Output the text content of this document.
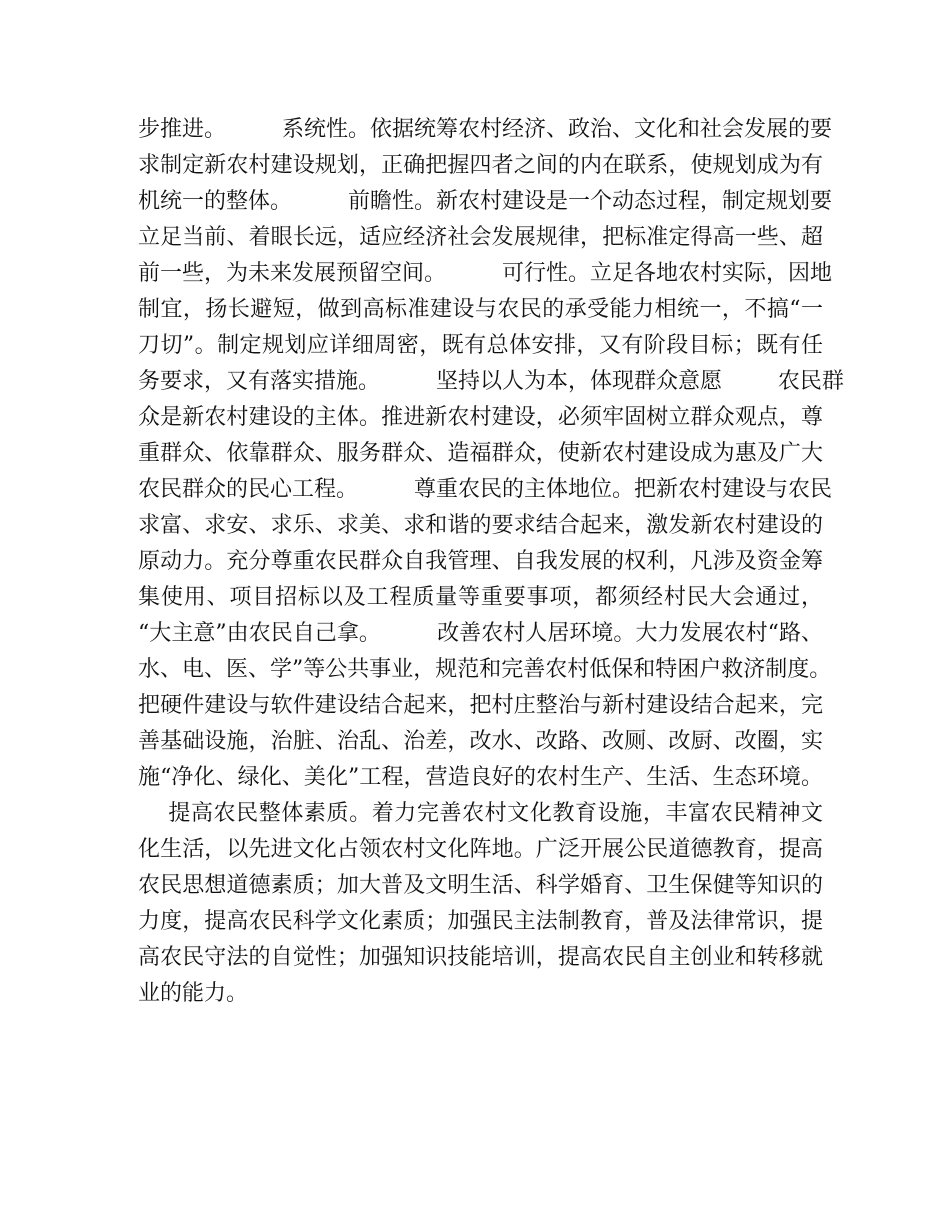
步推进。        系统性。依据统筹农村经济、政治、文化和社会发展的要
求制定新农村建设规划，正确把握四者之间的内在联系，使规划成为有
机统一的整体。        前瞻性。新农村建设是一个动态过程，制定规划要
立足当前、着眼长远，适应经济社会发展规律，把标准定得高一些、超
前一些，为未来发展预留空间。        可行性。立足各地农村实际，因地
制宜，扬长避短，做到高标准建设与农民的承受能力相统一，不搞“一
刀切”。制定规划应详细周密，既有总体安排，又有阶段目标；既有任
务要求，又有落实措施。        坚持以人为本，体现群众意愿        农民群
众是新农村建设的主体。推进新农村建设，必须牢固树立群众观点，尊
重群众、依靠群众、服务群众、造福群众，使新农村建设成为惠及广大
农民群众的民心工程。        尊重农民的主体地位。把新农村建设与农民
求富、求安、求乐、求美、求和谐的要求结合起来，激发新农村建设的
原动力。充分尊重农民群众自我管理、自我发展的权利，凡涉及资金筹
集使用、项目招标以及工程质量等重要事项，都须经村民大会通过，
“大主意”由农民自己拿。        改善农村人居环境。大力发展农村“路、
水、电、医、学”等公共事业，规范和完善农村低保和特困户救济制度。
把硬件建设与软件建设结合起来，把村庄整治与新村建设结合起来，完
善基础设施，治脏、治乱、治差，改水、改路、改厕、改厨、改圈，实
施“净化、绿化、美化”工程，营造良好的农村生产、生活、生态环境。
提高农民整体素质。着力完善农村文化教育设施，丰富农民精神文
化生活，以先进文化占领农村文化阵地。广泛开展公民道德教育，提高
农民思想道德素质；加大普及文明生活、科学婚育、卫生保健等知识的
力度，提高农民科学文化素质；加强民主法制教育，普及法律常识，提
高农民守法的自觉性；加强知识技能培训，提高农民自主创业和转移就
业的能力。
